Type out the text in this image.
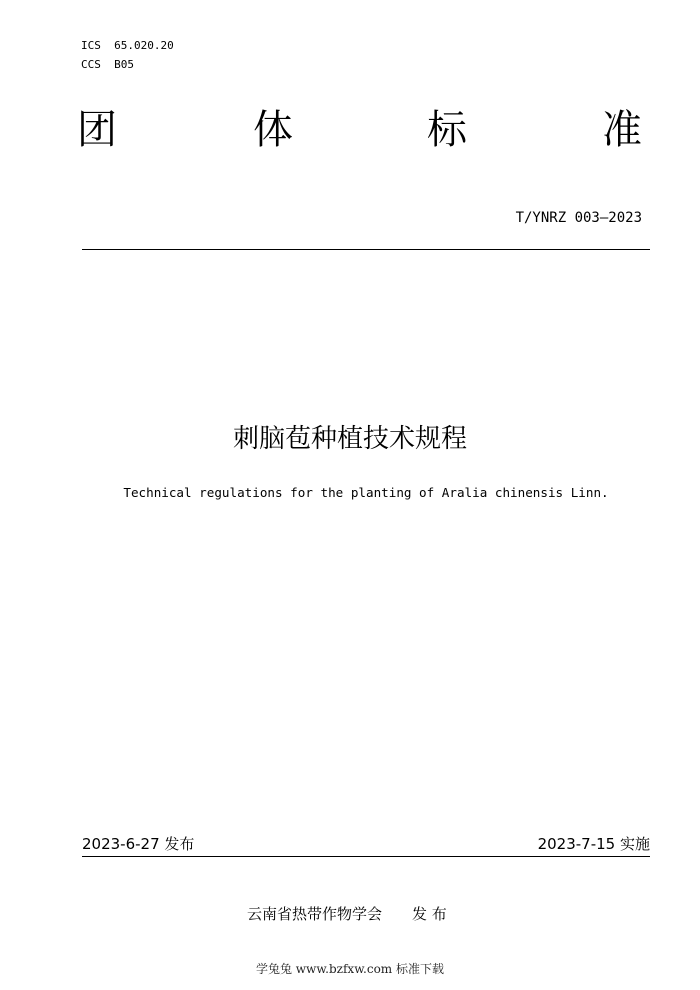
ICS  65.020.20
CCS  B05
团	体	标	准
T/YNRZ 003—2023
刺脑苞种植技术规程
Technical regulations for the planting of Aralia chinensis Linn.
2023-6-27 发布	2023-7-15 实施
云南省热带作物学会 发 布
学兔兔 www.bzfxw.com 标准下载
